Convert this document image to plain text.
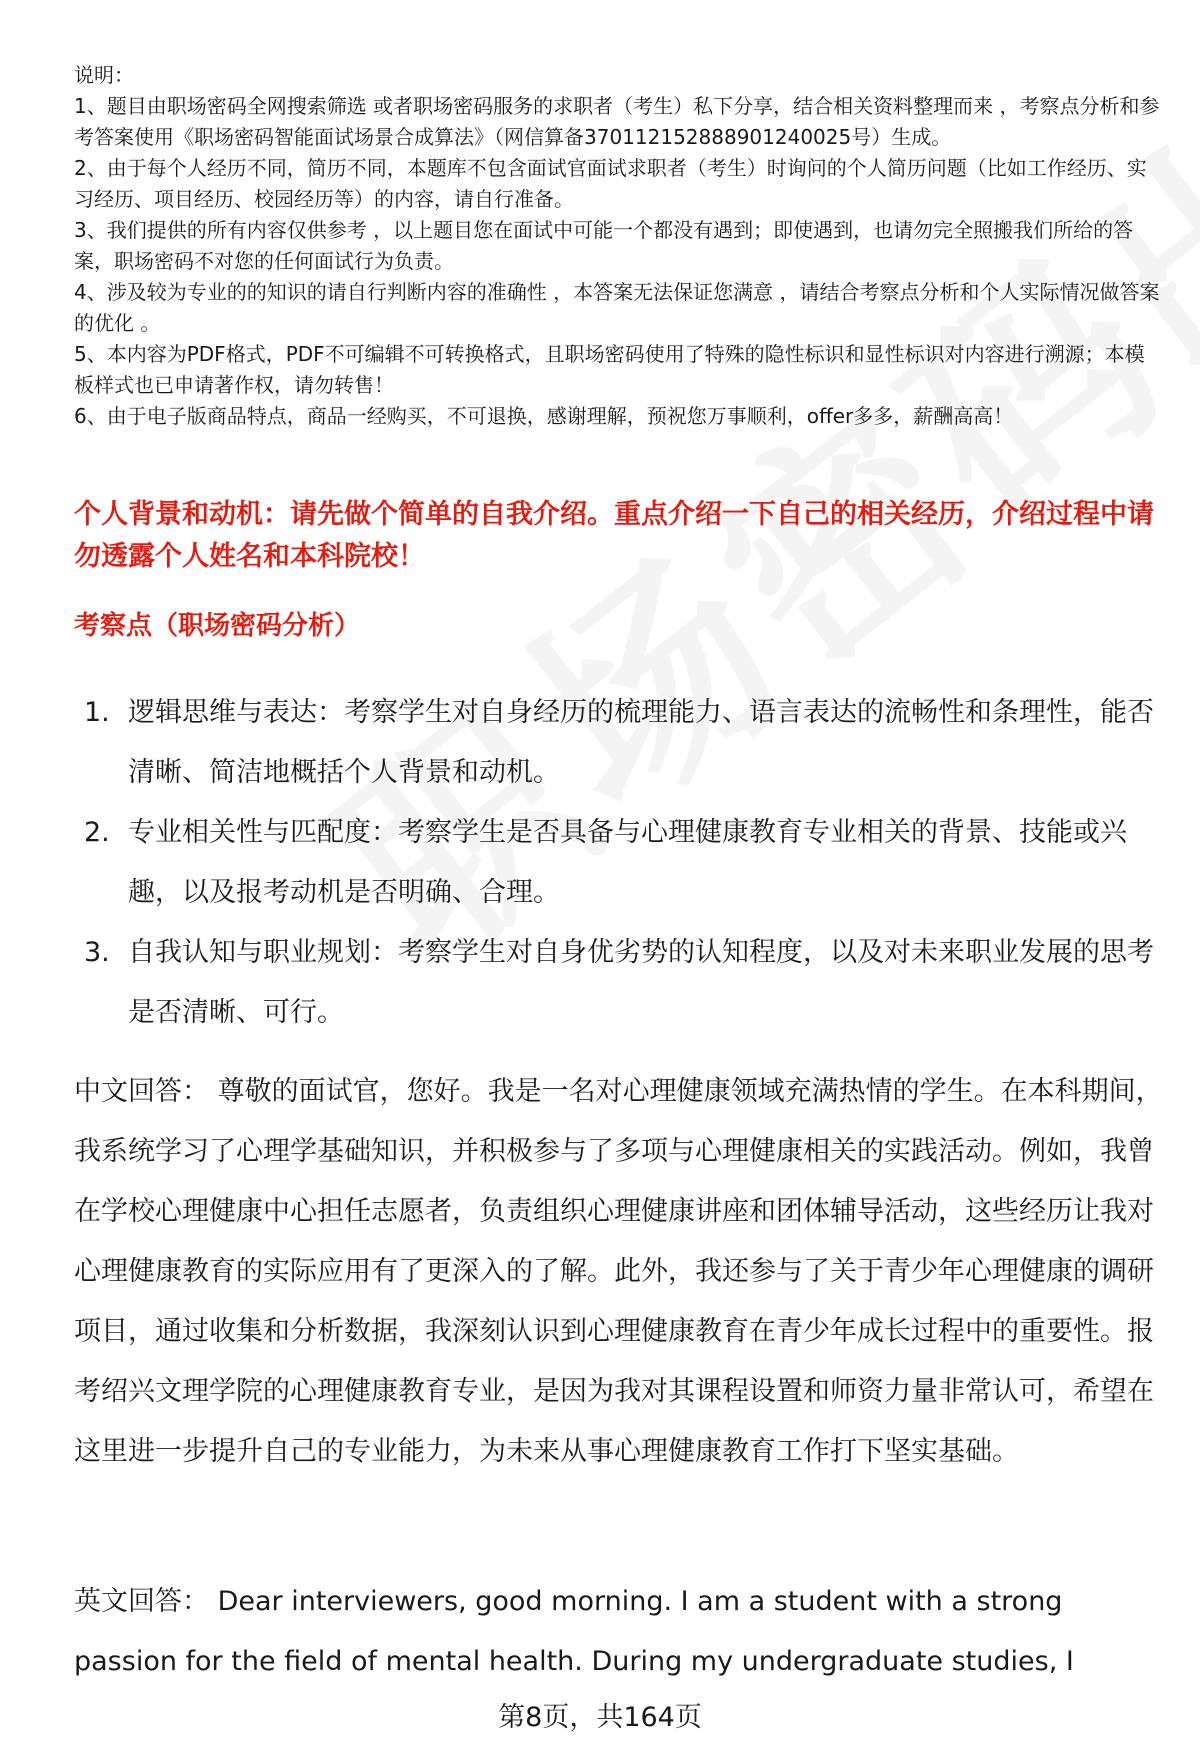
说明：

1、题目由职场密码全网搜索筛选 或者职场密码服务的求职者（考生）私下分享，结合相关资料整理而来 ，考察点分析和参考答案使用《职场密码智能面试场景合成算法》（网信算备370112152888901240025号）生成。

2、由于每个人经历不同，简历不同，本题库不包含面试官面试求职者（考生）时询问的个人简历问题（比如工作经历、实习经历、项目经历、校园经历等）的内容，请自行准备。

3、我们提供的所有内容仅供参考 ，以上题目您在面试中可能一个都没有遇到；即使遇到，也请勿完全照搬我们所给的答案，职场密码不对您的任何面试行为负责。

4、涉及较为专业的的知识的请自行判断内容的准确性 ，本答案无法保证您满意 ，请结合考察点分析和个人实际情况做答案的优化 。

5、本内容为PDF格式，PDF不可编辑不可转换格式，且职场密码使用了特殊的隐性标识和显性标识对内容进行溯源；本模板样式也已申请著作权，请勿转售！

6、由于电子版商品特点，商品一经购买，不可退换，感谢理解，预祝您万事顺利，offer多多，薪酬高高！

个人背景和动机：请先做个简单的自我介绍。重点介绍一下自己的相关经历，介绍过程中请勿透露个人姓名和本科院校！
考察点（职场密码分析）
1. 逻辑思维与表达：考察学生对自身经历的梳理能力、语言表达的流畅性和条理性，能否清晰、简洁地概括个人背景和动机。
2. 专业相关性与匹配度：考察学生是否具备与心理健康教育专业相关的背景、技能或兴趣，以及报考动机是否明确、合理。
3. 自我认知与职业规划：考察学生对自身优劣势的认知程度，以及对未来职业发展的思考是否清晰、可行。

中文回答： 尊敬的面试官，您好。我是一名对心理健康领域充满热情的学生。在本科期间，我系统学习了心理学基础知识，并积极参与了多项与心理健康相关的实践活动。例如，我曾在学校心理健康中心担任志愿者，负责组织心理健康讲座和团体辅导活动，这些经历让我对心理健康教育的实际应用有了更深入的了解。此外，我还参与了关于青少年心理健康的调研项目，通过收集和分析数据，我深刻认识到心理健康教育在青少年成长过程中的重要性。报考绍兴文理学院的心理健康教育专业，是因为我对其课程设置和师资力量非常认可，希望在这里进一步提升自己的专业能力，为未来从事心理健康教育工作打下坚实基础。

英文回答： Dear interviewers, good morning. I am a student with a strong passion for the field of mental health. During my undergraduate studies, I

第8页，共164页
